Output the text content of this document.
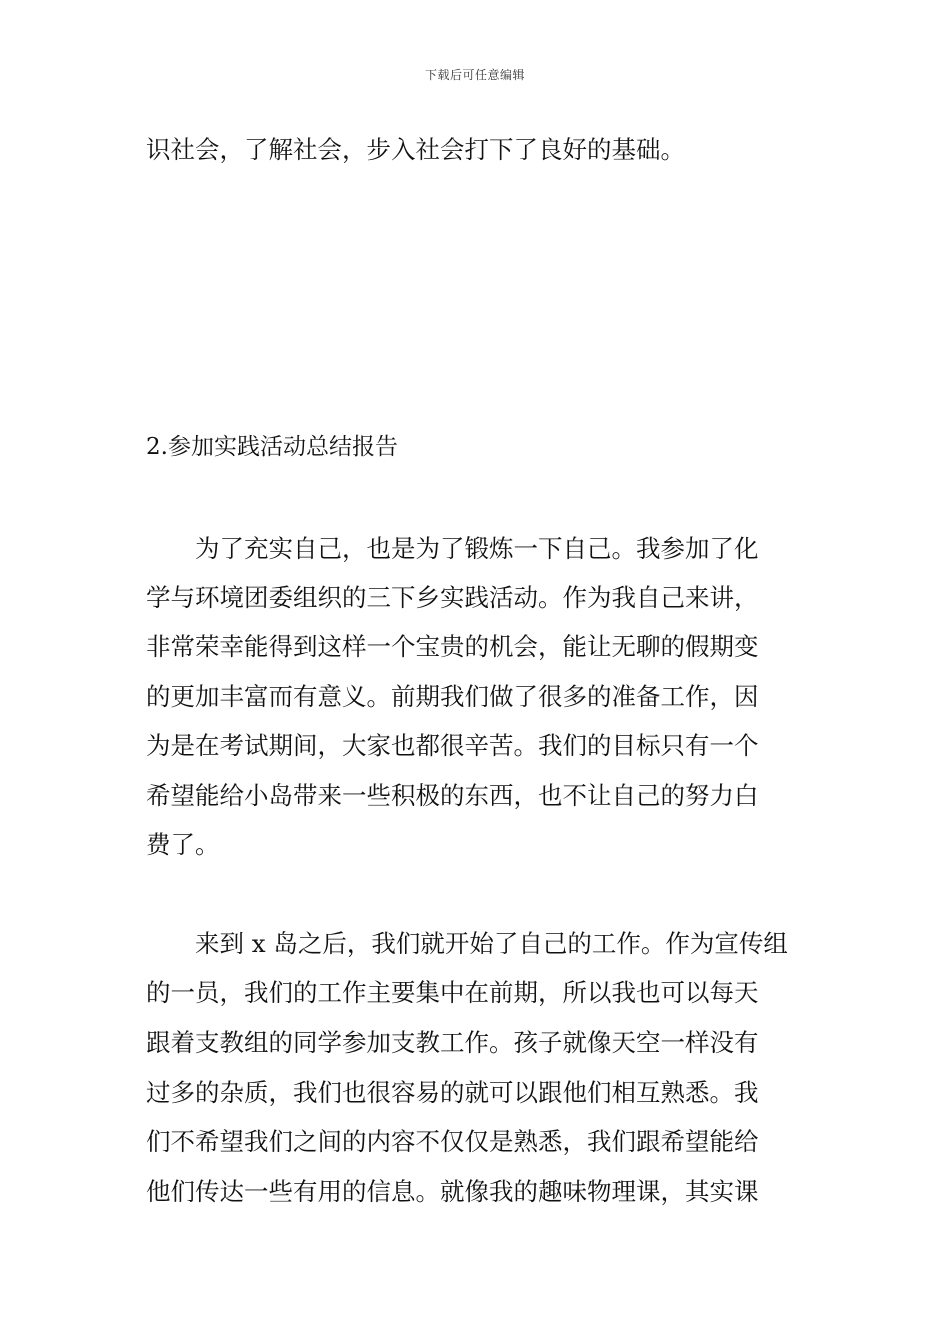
下载后可任意编辑
识社会，了解社会，步入社会打下了良好的基础。
2.参加实践活动总结报告
　　为了充实自己，也是为了锻炼一下自己。我参加了化
学与环境团委组织的三下乡实践活动。作为我自己来讲，
非常荣幸能得到这样一个宝贵的机会，能让无聊的假期变
的更加丰富而有意义。前期我们做了很多的准备工作，因
为是在考试期间，大家也都很辛苦。我们的目标只有一个
希望能给小岛带来一些积极的东西，也不让自己的努力白
费了。
　　来到 x 岛之后，我们就开始了自己的工作。作为宣传组
的一员，我们的工作主要集中在前期，所以我也可以每天
跟着支教组的同学参加支教工作。孩子就像天空一样没有
过多的杂质，我们也很容易的就可以跟他们相互熟悉。我
们不希望我们之间的内容不仅仅是熟悉，我们跟希望能给
他们传达一些有用的信息。就像我的趣味物理课，其实课
